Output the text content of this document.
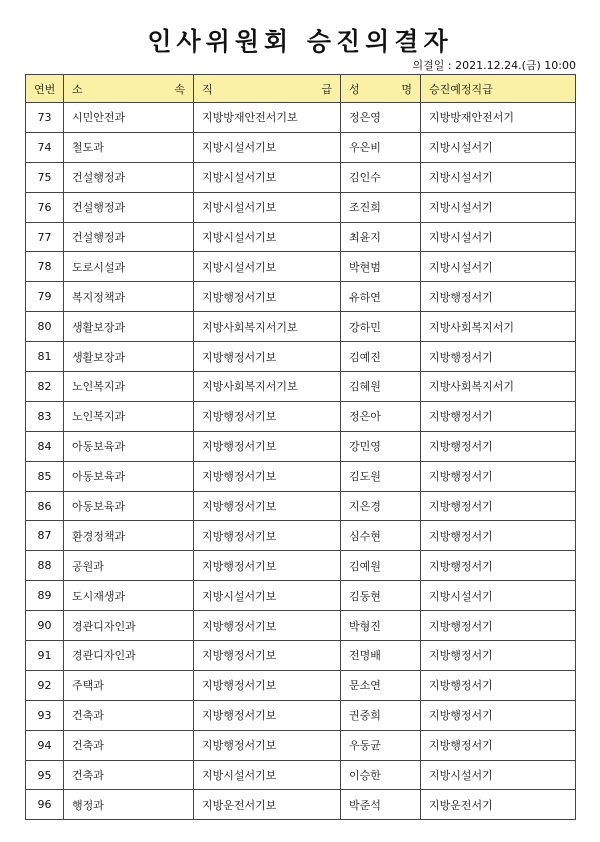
인사위원회 승진의결자
의결일 : 2021.12.24.(금) 10:00
연번	소 속	직 급	성 명	승진예정직급
73	시민안전과	지방방재안전서기보	정은영	지방방재안전서기
74	철도과	지방시설서기보	우은비	지방시설서기
75	건설행정과	지방시설서기보	김인수	지방시설서기
76	건설행정과	지방시설서기보	조진희	지방시설서기
77	건설행정과	지방시설서기보	최윤지	지방시설서기
78	도로시설과	지방시설서기보	박현범	지방시설서기
79	복지정책과	지방행정서기보	유하연	지방행정서기
80	생활보장과	지방사회복지서기보	강하민	지방사회복지서기
81	생활보장과	지방행정서기보	김예진	지방행정서기
82	노인복지과	지방사회복지서기보	김혜원	지방사회복지서기
83	노인복지과	지방행정서기보	정은아	지방행정서기
84	아동보육과	지방행정서기보	강민영	지방행정서기
85	아동보육과	지방행정서기보	김도원	지방행정서기
86	아동보육과	지방행정서기보	지은경	지방행정서기
87	환경정책과	지방행정서기보	심수현	지방행정서기
88	공원과	지방행정서기보	김예원	지방행정서기
89	도시재생과	지방시설서기보	김동현	지방시설서기
90	경관디자인과	지방행정서기보	박형진	지방행정서기
91	경관디자인과	지방행정서기보	전명배	지방행정서기
92	주택과	지방행정서기보	문소연	지방행정서기
93	건축과	지방행정서기보	권중희	지방행정서기
94	건축과	지방행정서기보	우동균	지방행정서기
95	건축과	지방시설서기보	이승한	지방시설서기
96	행정과	지방운전서기보	박준석	지방운전서기
